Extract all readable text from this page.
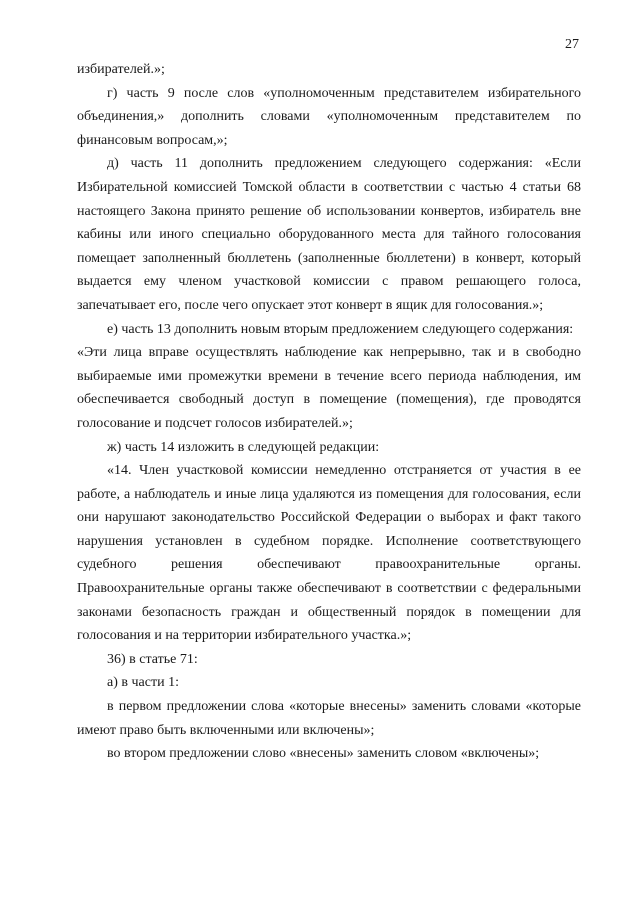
27

избирателей.»;

г) часть 9 после слов «уполномоченным представителем избирательного объединения,» дополнить словами «уполномоченным представителем по финансовым вопросам,»;

д) часть 11 дополнить предложением следующего содержания: «Если Избирательной комиссией Томской области в соответствии с частью 4 статьи 68 настоящего Закона принято решение об использовании конвертов, избиратель вне кабины или иного специально оборудованного места для тайного голосования помещает заполненный бюллетень (заполненные бюллетени) в конверт, который выдается ему членом участковой комиссии с правом решающего голоса, запечатывает его, после чего опускает этот конверт в ящик для голосования.»;

е) часть 13 дополнить новым вторым предложением следующего содержания:

«Эти лица вправе осуществлять наблюдение как непрерывно, так и в свободно выбираемые ими промежутки времени в течение всего периода наблюдения, им обеспечивается свободный доступ в помещение (помещения), где проводятся голосование и подсчет голосов избирателей.»;

ж) часть 14 изложить в следующей редакции:

«14. Член участковой комиссии немедленно отстраняется от участия в ее работе, а наблюдатель и иные лица удаляются из помещения для голосования, если они нарушают законодательство Российской Федерации о выборах и факт такого нарушения установлен в судебном порядке. Исполнение соответствующего судебного решения обеспечивают правоохранительные органы. Правоохранительные органы также обеспечивают в соответствии с федеральными законами безопасность граждан и общественный порядок в помещении для голосования и на территории избирательного участка.»;

36) в статье 71:

а) в части 1:

в первом предложении слова «которые внесены» заменить словами «которые имеют право быть включенными или включены»;

во втором предложении слово «внесены» заменить словом «включены»;
